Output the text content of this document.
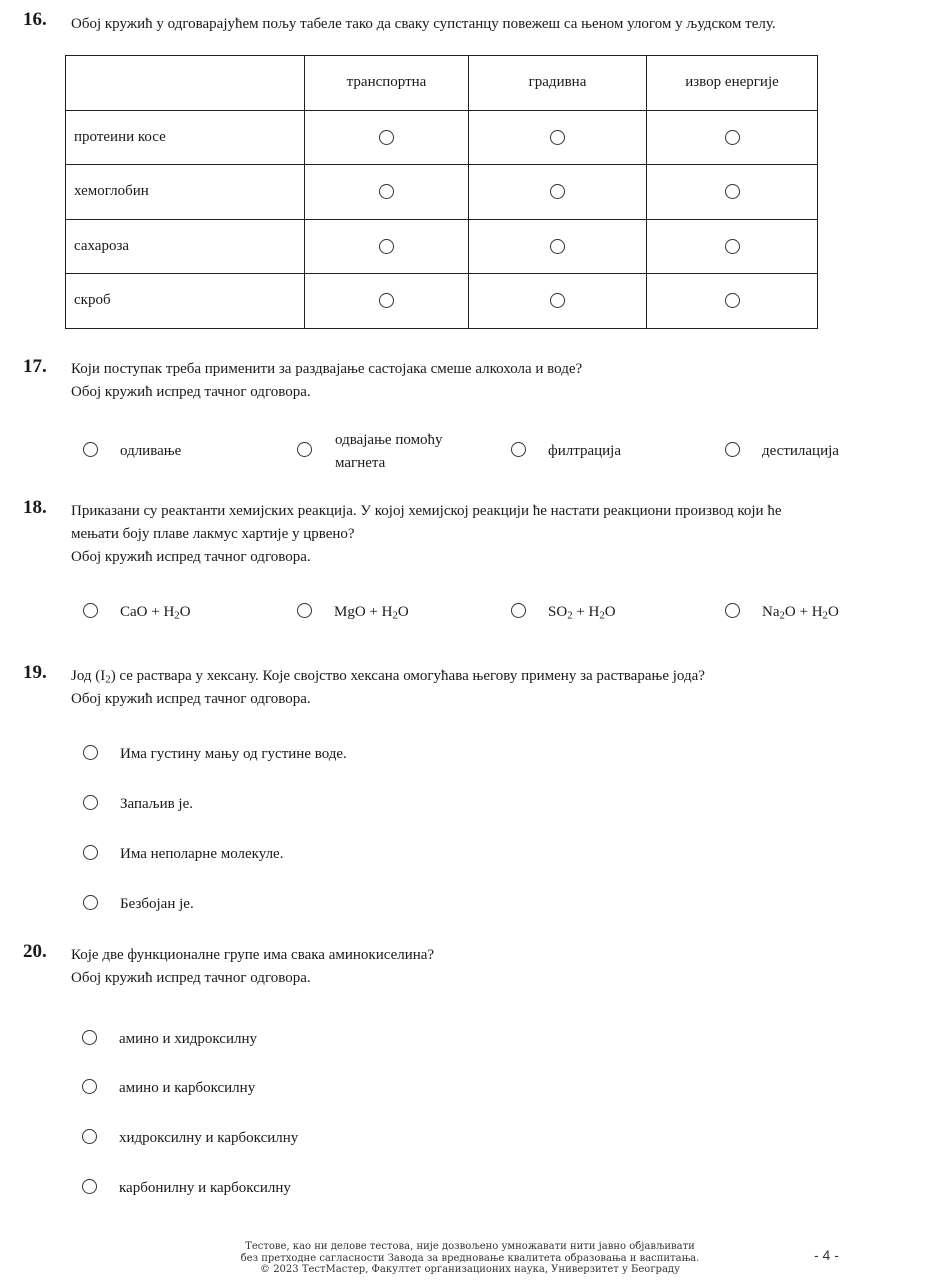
16. Обој кружић у одговарајућем пољу табеле тако да сваку супстанцу повежеш са њеном улогом у људском телу.
	транспортна	градивна	извор енергије
протеини косе			
хемоглобин			
сахароза			
скроб			
17. Који поступак треба применити за раздвајање састојака смеше алкохола и воде?
Обој кружић испред тачног одговора.
одливање
одвајање помоћу
магнета
филтрација	дестилација
18. Приказани су реактанти хемијских реакција. У којој хемијској реакцији ће настати реакциони производ који ће
мењати боју плаве лакмус хартије у црвено?
Обој кружић испред тачног одговора.
CaO + $H_2O$	MgO + $H_2O$	$SO_2 + H_2O$	$Na_2O + H_2O$
19. Јод $(I_2)$ се раствара у хексану. Које својство хексана омогућава његову примену за растварање јода?
Обој кружић испред тачног одговора.
Има густину мању од густине воде.
Запаљив је.
Има неполарне молекуле.
Безбојан је.
20. Које две функционалне групе има свака аминокиселина?
Обој кружић испред тачног одговора.
амино и хидроксилну
амино и карбоксилну
хидроксилну и карбоксилну
карбонилну и карбоксилну
Тестове, као ни делове тестова, није дозвољено умножавати нити јавно објављивати
без претходне сагласности Завода за вредновање квалитета образовања и васпитања.
© 2023 ТестМастер, Факултет организационих наука, Универзитет у Београду
- 4 -
